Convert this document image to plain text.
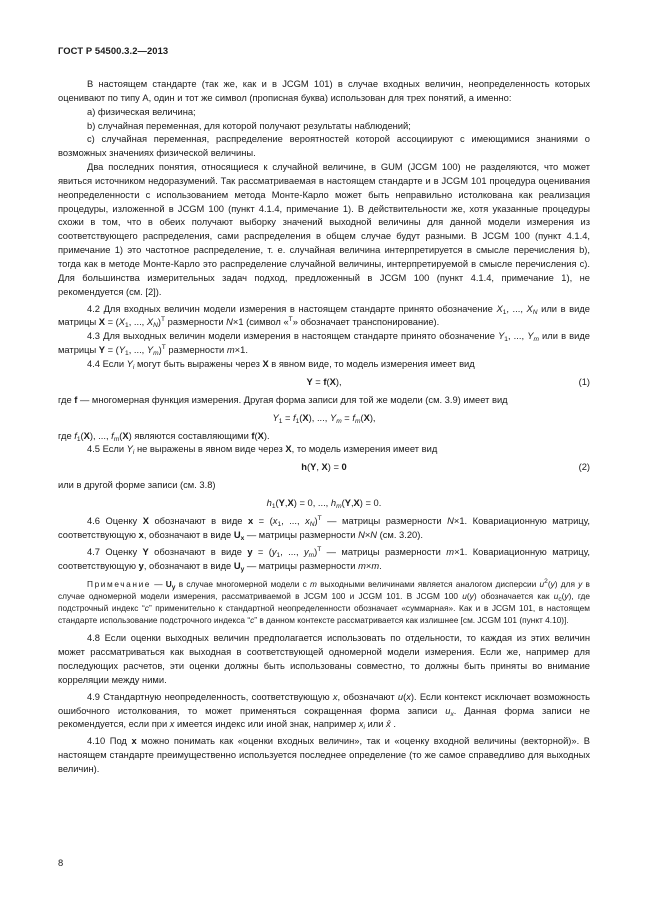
ГОСТ Р 54500.3.2—2013

В настоящем стандарте (так же, как и в JCGM 101) в случае входных величин, неопределенность которых оценивают по типу А, один и тот же символ (прописная буква) использован для трех понятий, а именно:

а) физическая величина;

b) случайная переменная, для которой получают результаты наблюдений;

с) случайная переменная, распределение вероятностей которой ассоциируют с имеющимися знаниями о возможных значениях физической величины.

Два последних понятия, относящиеся к случайной величине, в GUM (JCGM 100) не разделяются, что может явиться источником недоразумений. Так рассматриваемая в настоящем стандарте и в JCGM 101 процедура оценивания неопределенности с использованием метода Монте-Карло может быть неправильно истолкована как реализация процедуры, изложенной в JCGM 100 (пункт 4.1.4, примечание 1). В действительности же, хотя указанные процедуры схожи в том, что в обеих получают выборку значений выходной величины для данной модели измерения из соответствующего распределения, сами распределения в общем случае будут разными. В JCGM 100 (пункт 4.1.4, примечание 1) это частотное распределение, т. е. случайная величина интерпретируется в смысле перечисления b), тогда как в методе Монте-Карло это распределение случайной величины, интерпретируемой в смысле перечисления с). Для большинства измерительных задач подход, предложенный в JCGM 100 (пункт 4.1.4, примечание 1), не рекомендуется (см. [2]).

4.2 Для входных величин модели измерения в настоящем стандарте принято обозначение $X_1$, ..., $X_N$ или в виде матрицы $X = (X_1$, ..., $X_N)^T$ размерности N×1 (символ «$^T$» обозначает транспонирование).

4.3 Для выходных величин модели измерения в настоящем стандарте принято обозначение $Y_1$, ..., $Y_m$ или в виде матрицы $Y = (Y_1$, ..., $Y_m)^T$ размерности m×1.

4.4 Если $Y_i$ могут быть выражены через X в явном виде, то модель измерения имеет вид

Y = f(X),	(1)

где f — многомерная функция измерения. Другая форма записи для той же модели (см. 3.9) имеет вид

$Y_1 = f_1(X)$, ..., $Y_m = f_m(X)$,

где $f_1(X)$, ..., $f_m(X)$ являются составляющими f(X).

4.5 Если $Y_i$ не выражены в явном виде через X, то модель измерения имеет вид

h(Y, X) = 0	(2)

или в другой форме записи (см. 3.8)

$h_1(Y,X) = 0$, ..., $h_m(Y,X) = 0$.

4.6 Оценку X обозначают в виде $x = (x_1$, ..., $x_N)^T$ — матрицы размерности N×1. Ковариационную матрицу, соответствующую x, обозначают в виде $U_x$ — матрицы размерности N×N (см. 3.20).

4.7 Оценку Y обозначают в виде $y = (y_1$, ..., $y_m)^T$ — матрицы размерности m×1. Ковариационную матрицу, соответствующую y, обозначают в виде $U_y$ — матрицы размерности m×m.

Примечание — $U_y$ в случае многомерной модели с m выходными величинами является аналогом дисперсии $u^2(y)$ для y в случае одномерной модели измерения, рассматриваемой в JCGM 100 и JCGM 101. В JCGM 100 u(y) обозначается как $u_c(y)$, где подстрочный индекс “c” применительно к стандартной неопределенности обозначает «суммарная». Как и в JCGM 101, в настоящем стандарте использование подстрочного индекса “c” в данном контексте рассматривается как излишнее [см. JCGM 101 (пункт 4.10)].

4.8 Если оценки выходных величин предполагается использовать по отдельности, то каждая из этих величин может рассматриваться как выходная в соответствующей одномерной модели измерения. Если же, например для последующих расчетов, эти оценки должны быть использованы совместно, то должны быть приняты во внимание корреляции между ними.

4.9 Стандартную неопределенность, соответствующую x, обозначают u(x). Если контекст исключает возможность ошибочного истолкования, то может применяться сокращенная форма записи $u_x$. Данная форма записи не рекомендуется, если при x имеется индекс или иной знак, например $x_i$ или x̂ .

4.10 Под x можно понимать как «оценки входных величин», так и «оценку входной величины (векторной)». В настоящем стандарте преимущественно используется последнее определение (то же самое справедливо для выходных величин).

8
